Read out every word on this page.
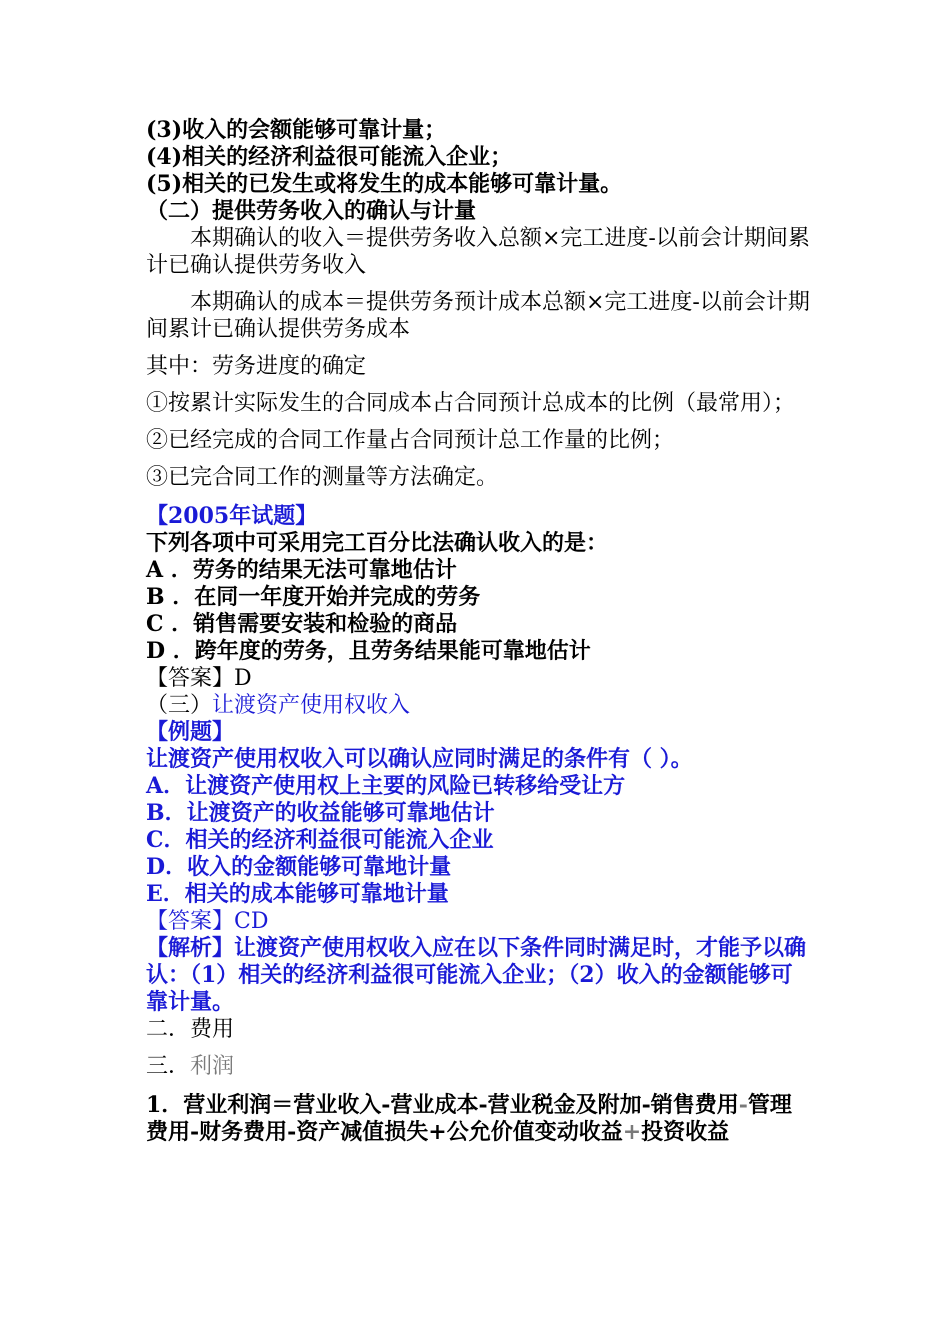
(3)收入的会额能够可靠计量；
(4)相关的经济利益很可能流入企业；
(5)相关的已发生或将发生的成本能够可靠计量。
（二）提供劳务收入的确认与计量
本期确认的收入＝提供劳务收入总额×完工进度-以前会计期间累计已确认提供劳务收入
本期确认的成本＝提供劳务预计成本总额×完工进度-以前会计期间累计已确认提供劳务成本
其中：劳务进度的确定
①按累计实际发生的合同成本占合同预计总成本的比例（最常用）；
②已经完成的合同工作量占合同预计总工作量的比例；
③已完合同工作的测量等方法确定。
【2005年试题】
下列各项中可采用完工百分比法确认收入的是：
A ．劳务的结果无法可靠地估计
B ．在同一年度开始并完成的劳务
C ．销售需要安装和检验的商品
D ．跨年度的劳务，且劳务结果能可靠地估计
【答案】D
（三）让渡资产使用权收入
【例题】
让渡资产使用权收入可以确认应同时满足的条件有（ ）。
A．让渡资产使用权上主要的风险已转移给受让方
B．让渡资产的收益能够可靠地估计
C．相关的经济利益很可能流入企业
D．收入的金额能够可靠地计量
E．相关的成本能够可靠地计量
【答案】CD
【解析】让渡资产使用权收入应在以下条件同时满足时，才能予以确认：（1）相关的经济利益很可能流入企业；（2）收入的金额能够可靠计量。
二．费用
三．利润
1．营业利润＝营业收入-营业成本-营业税金及附加-销售费用-管理费用-财务费用-资产减值损失+公允价值变动收益+投资收益
